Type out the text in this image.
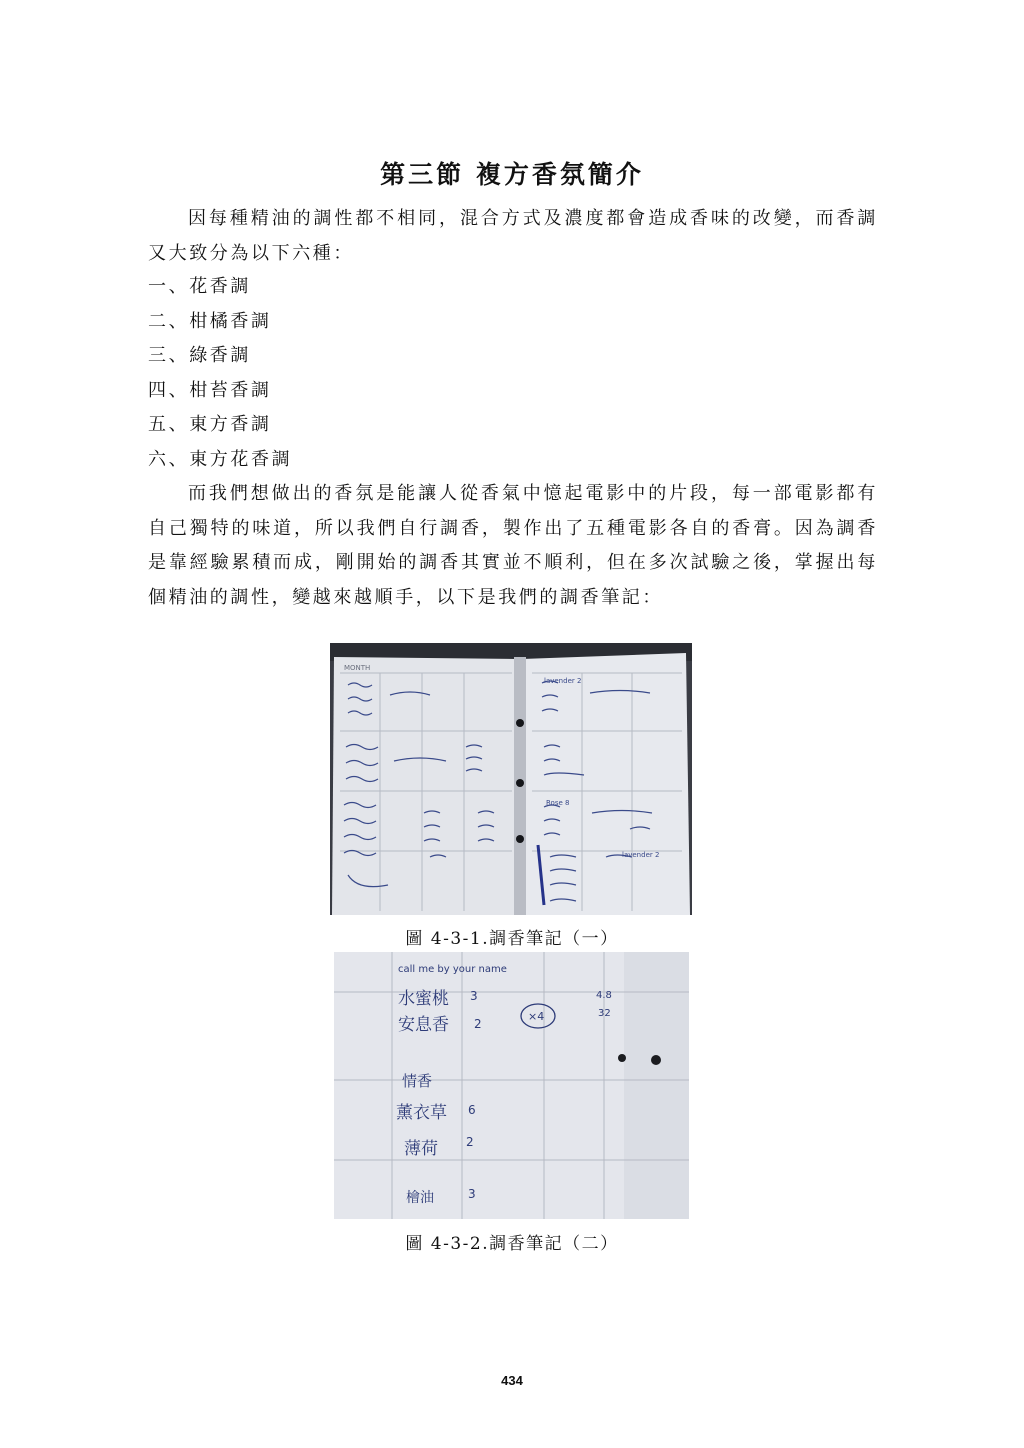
第三節 複方香氛簡介

因每種精油的調性都不相同，混合方式及濃度都會造成香味的改變，而香調又大致分為以下六種：

一、花香調
二、柑橘香調
三、綠香調
四、柑苔香調
五、東方香調
六、東方花香調

而我們想做出的香氛是能讓人從香氣中憶起電影中的片段，每一部電影都有自己獨特的味道，所以我們自行調香，製作出了五種電影各自的香膏。因為調香是靠經驗累積而成，剛開始的調香其實並不順利，但在多次試驗之後，掌握出每個精油的調性，變越來越順手，以下是我們的調香筆記：

MONTH
lavender 2
Rose 8
lavender 2
圖 4-3-1.調香筆記（一）
call me by your name
水蜜桃 3
安息香 2
×4
4.8
32
情香
薰衣草 6
薄荷 2
檜油	3
圖 4-3-2.調香筆記（二）
434
